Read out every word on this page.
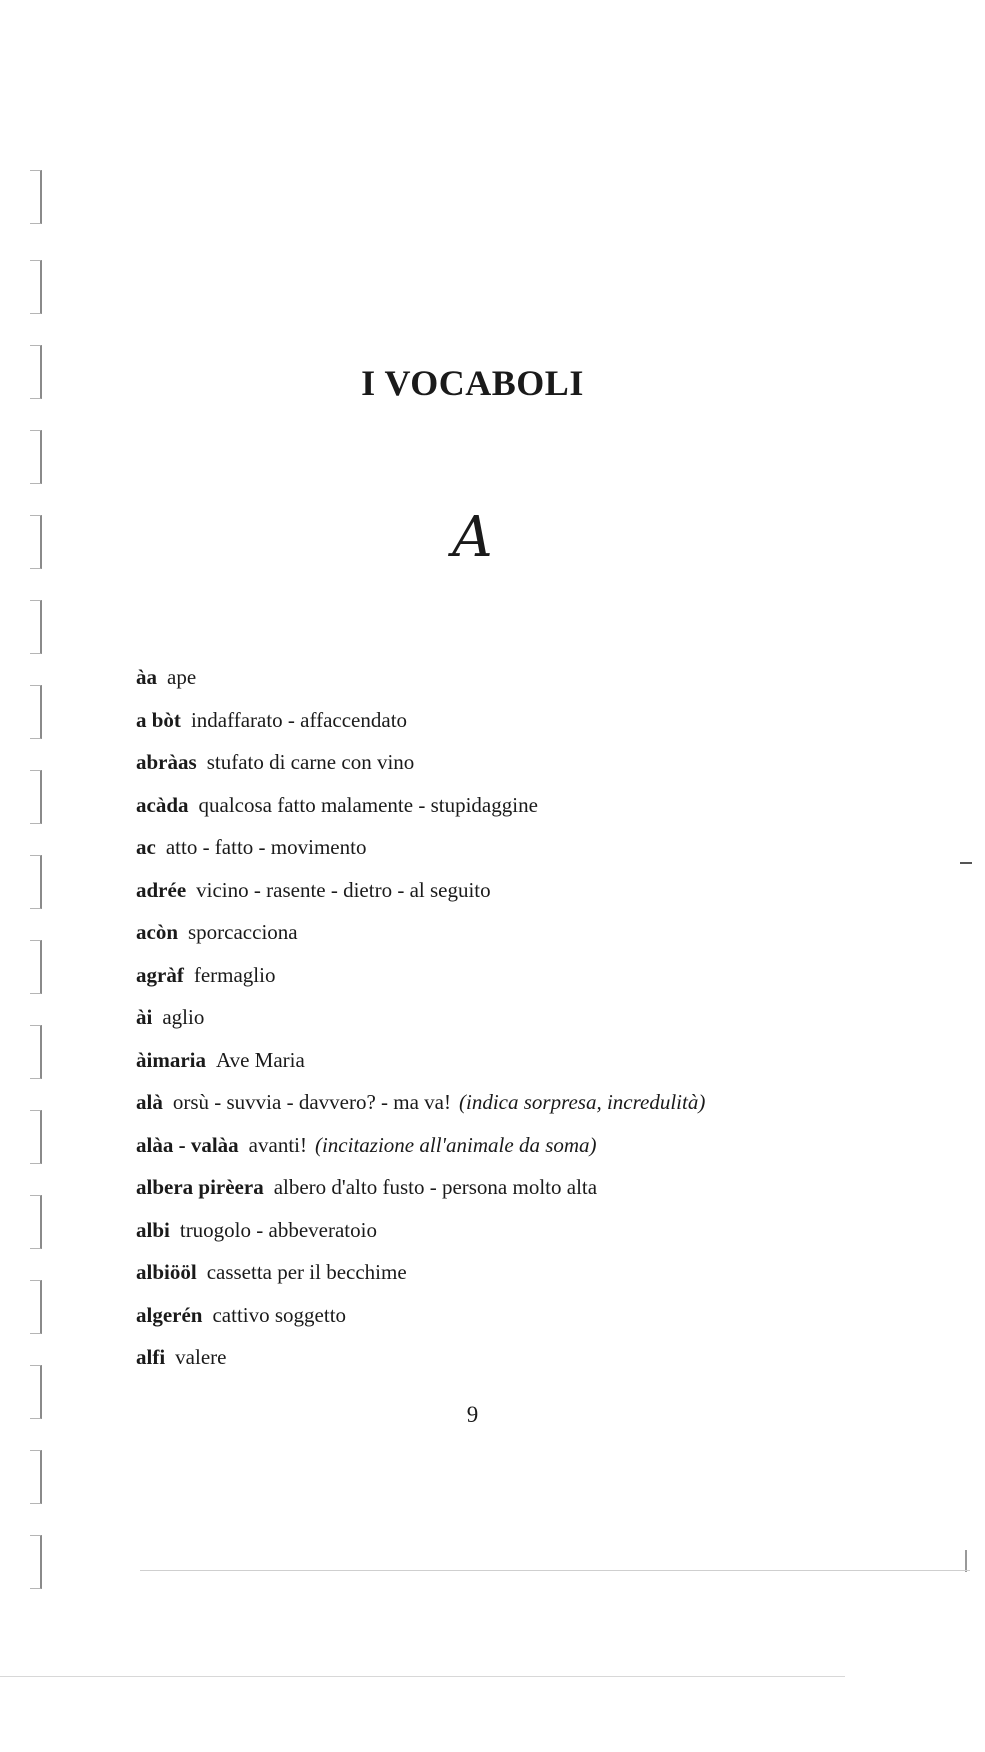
I VOCABOLI
A
àa ape
a bòt indaffarato - affaccendato
abràas stufato di carne con vino
acàda qualcosa fatto malamente - stupidaggine
ac atto - fatto - movimento
adrée vicino - rasente - dietro - al seguito
acòn sporcacciona
agràf fermaglio
ài aglio
àimaria Ave Maria
alà orsù - suvvia - davvero? - ma va! (indica sorpresa, incredulità)
alàa - valàa avanti! (incitazione all'animale da soma)
albera pirèera albero d'alto fusto - persona molto alta
albi truogolo - abbeveratoio
albiööl cassetta per il becchime
algerén cattivo soggetto
alfi valere
9
